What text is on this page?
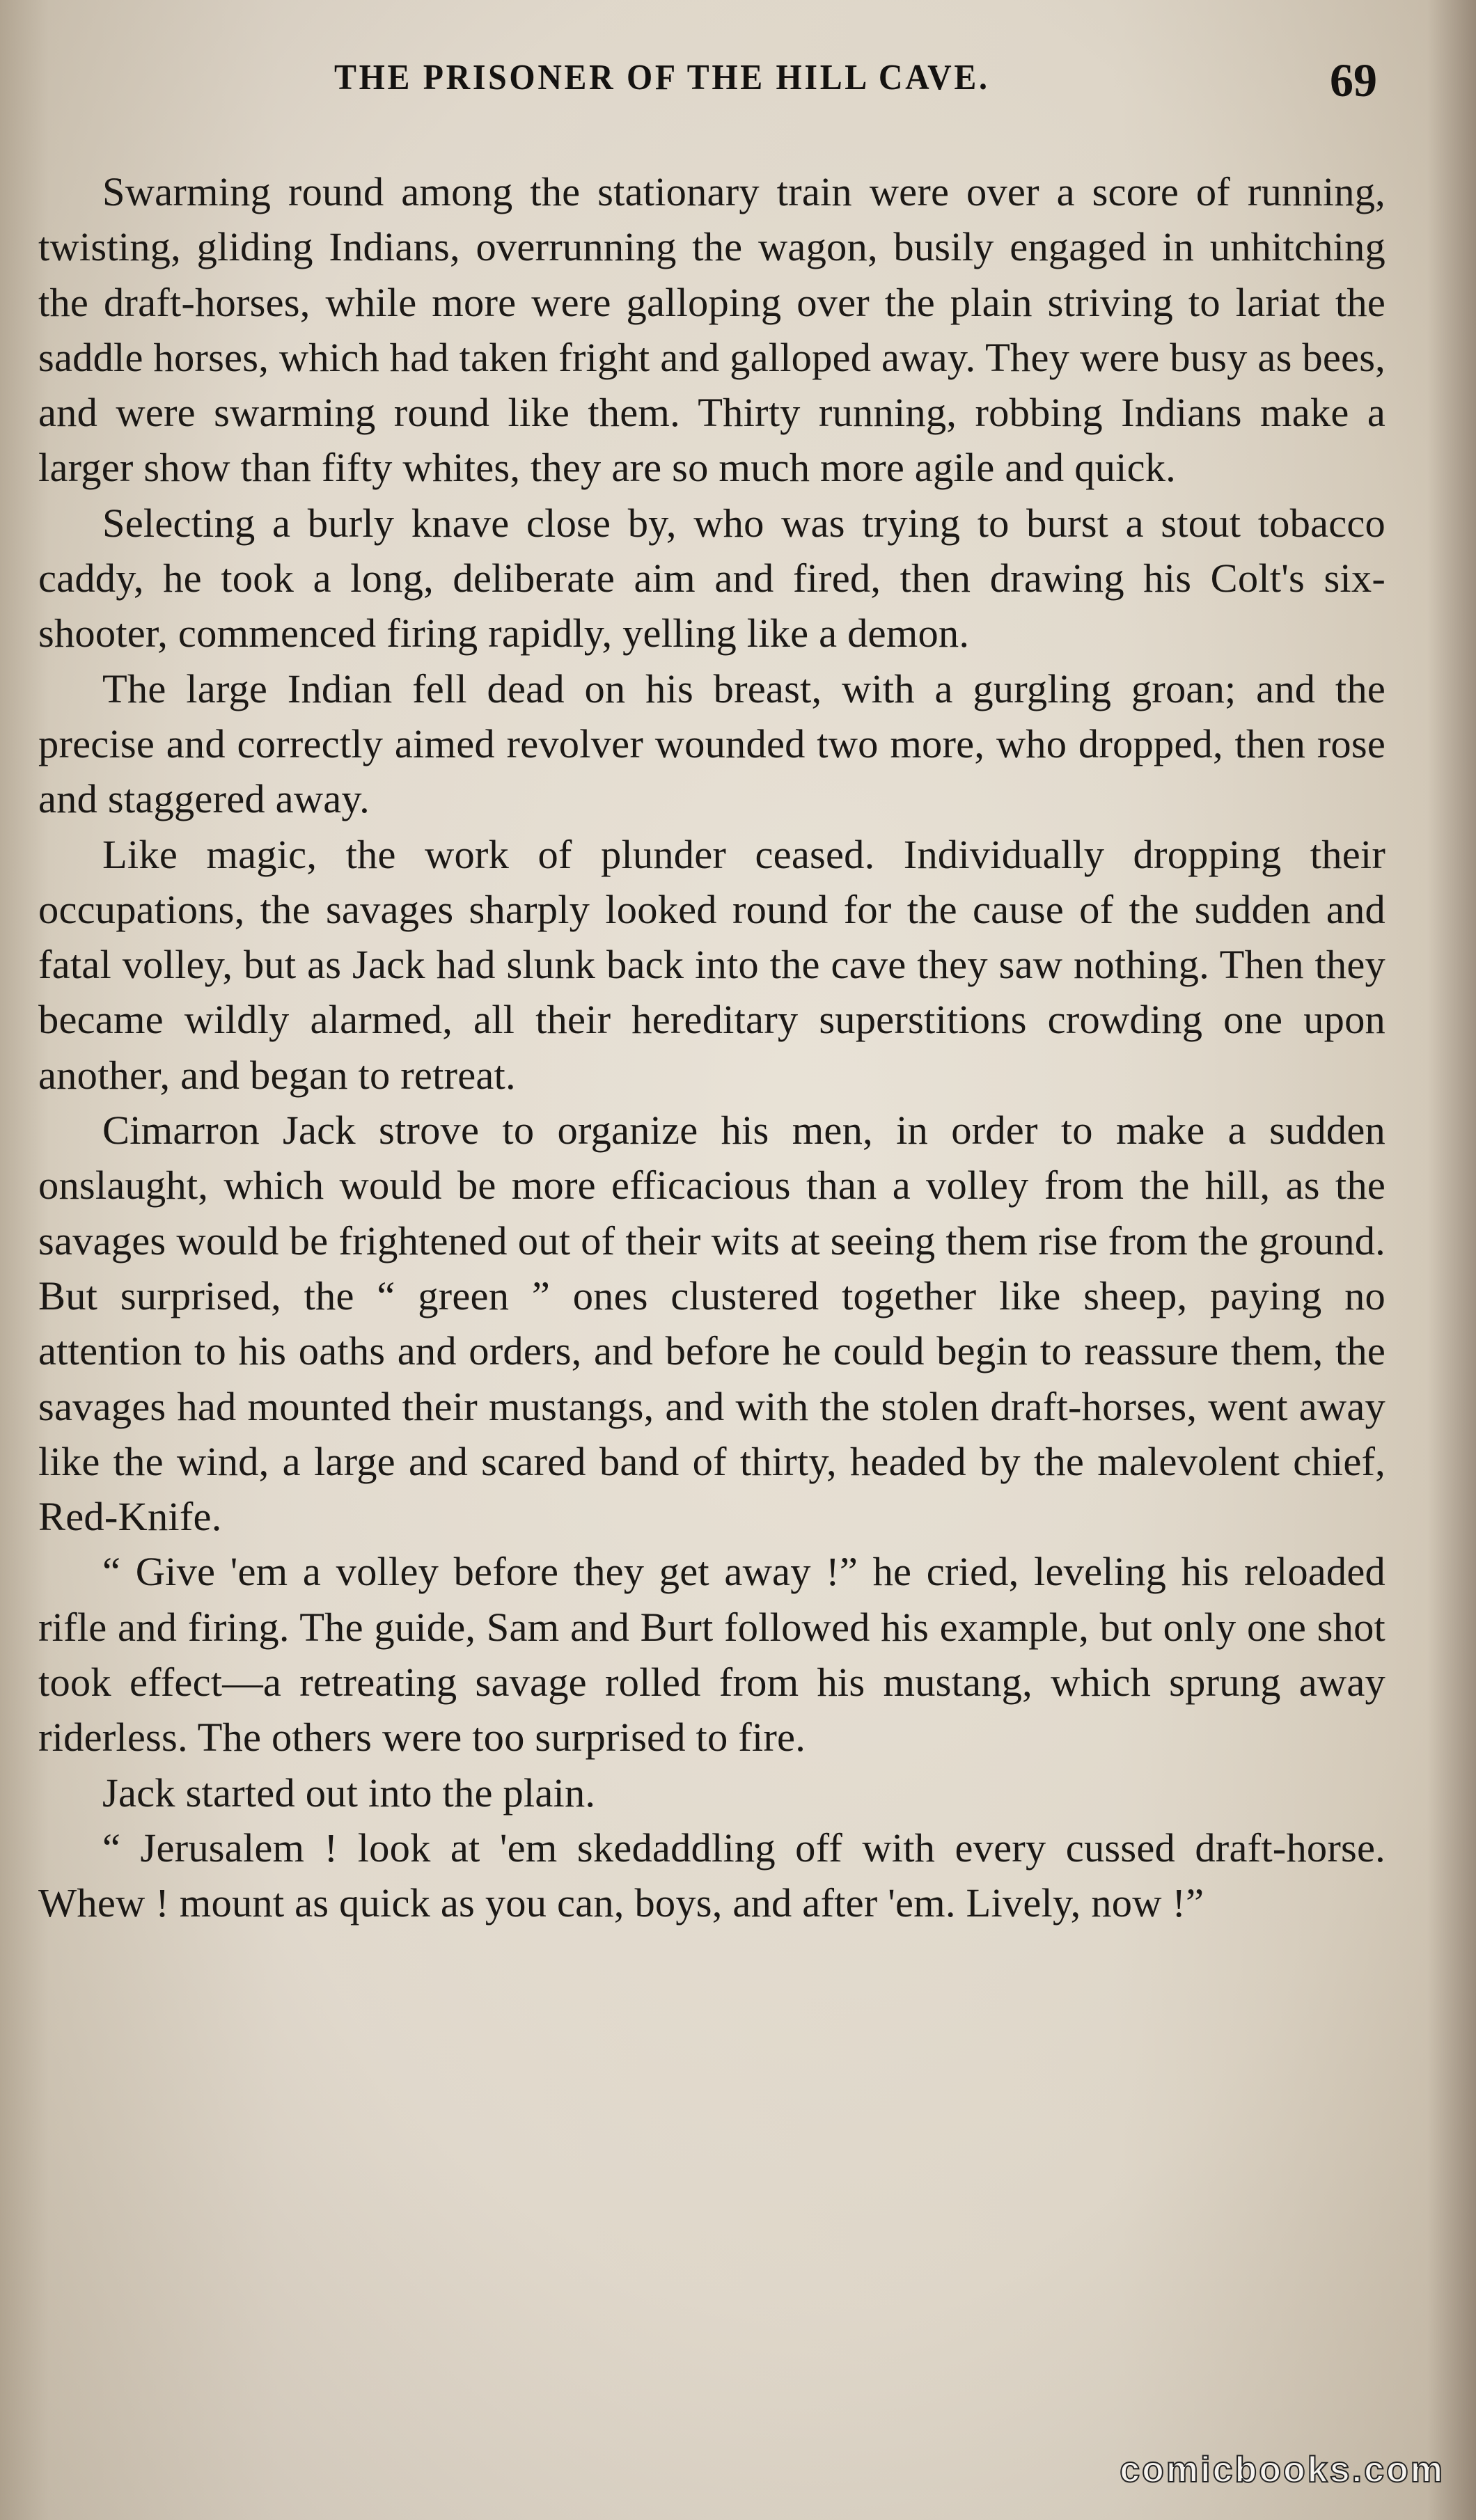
THE PRISONER OF THE HILL CAVE.	69

Swarming round among the stationary train were over a score of running, twisting, gliding Indians, overrunning the wagon, busily engaged in unhitching the draft-horses, while more were galloping over the plain striving to lariat the saddle horses, which had taken fright and galloped away. They were busy as bees, and were swarming round like them. Thirty running, robbing Indians make a larger show than fifty whites, they are so much more agile and quick.

Selecting a burly knave close by, who was trying to burst a stout tobacco caddy, he took a long, deliberate aim and fired, then drawing his Colt's six-shooter, commenced firing rapidly, yelling like a demon.

The large Indian fell dead on his breast, with a gurgling groan; and the precise and correctly aimed revolver wounded two more, who dropped, then rose and staggered away.

Like magic, the work of plunder ceased. Individually dropping their occupations, the savages sharply looked round for the cause of the sudden and fatal volley, but as Jack had slunk back into the cave they saw nothing. Then they became wildly alarmed, all their hereditary superstitions crowding one upon another, and began to retreat.

Cimarron Jack strove to organize his men, in order to make a sudden onslaught, which would be more efficacious than a volley from the hill, as the savages would be frightened out of their wits at seeing them rise from the ground. But surprised, the “ green ” ones clustered together like sheep, paying no attention to his oaths and orders, and before he could begin to reassure them, the savages had mounted their mustangs, and with the stolen draft-horses, went away like the wind, a large and scared band of thirty, headed by the malevolent chief, Red-Knife.

“ Give 'em a volley before they get away !” he cried, leveling his reloaded rifle and firing. The guide, Sam and Burt followed his example, but only one shot took effect—a retreating savage rolled from his mustang, which sprung away riderless. The others were too surprised to fire.

Jack started out into the plain.

“ Jerusalem ! look at 'em skedaddling off with every cussed draft-horse. Whew ! mount as quick as you can, boys, and after 'em. Lively, now !”

comicbooks.com
